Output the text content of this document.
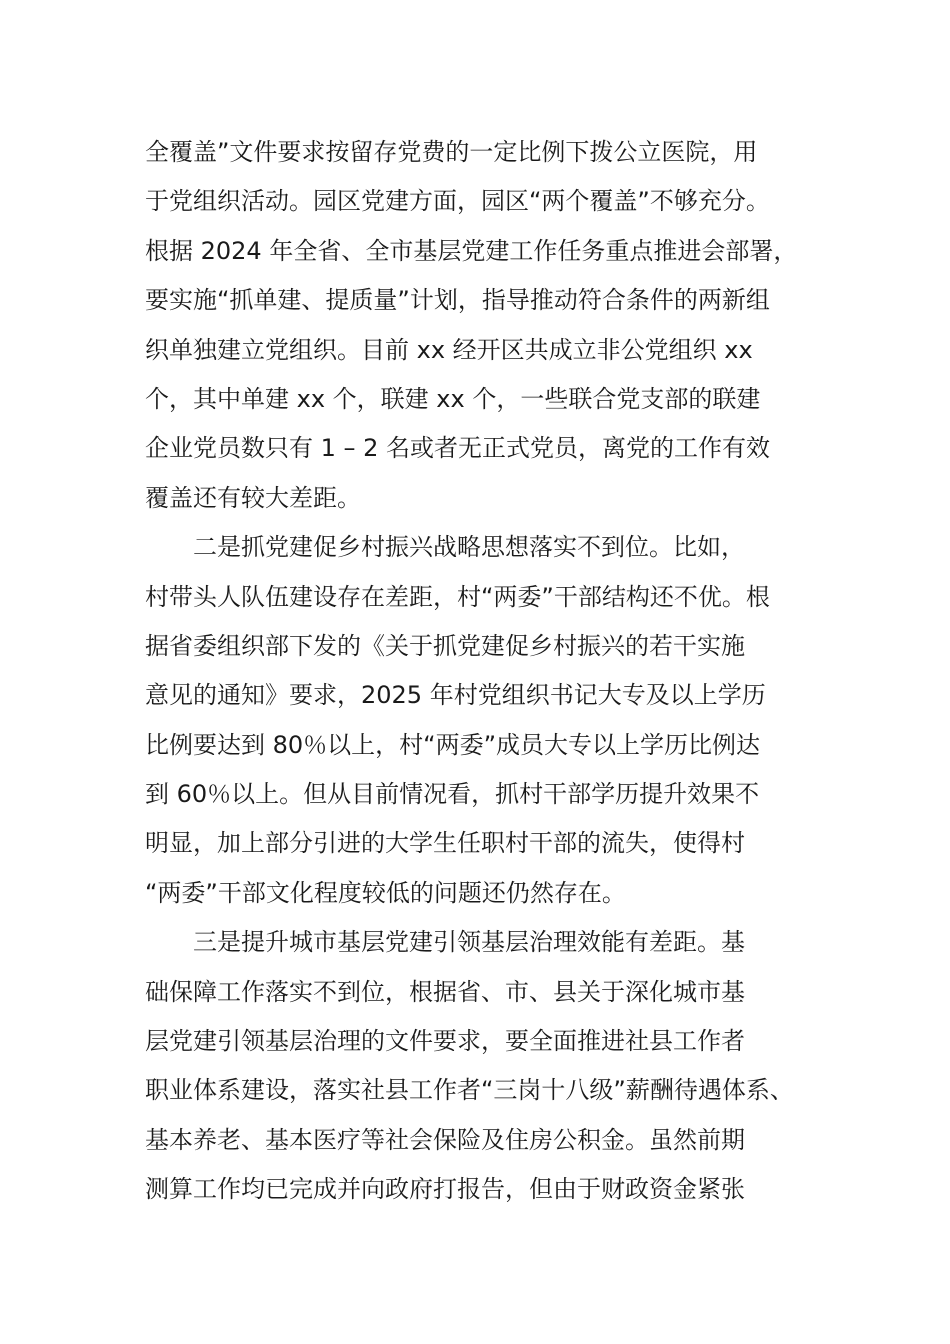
全覆盖”文件要求按留存党费的一定比例下拨公立医院，用
于党组织活动。园区党建方面，园区“两个覆盖”不够充分。
根据 2024 年全省、全市基层党建工作任务重点推进会部署，
要实施“抓单建、提质量”计划，指导推动符合条件的两新组
织单独建立党组织。目前 xx 经开区共成立非公党组织 xx
个，其中单建 xx 个，联建 xx 个，一些联合党支部的联建
企业党员数只有 1 – 2 名或者无正式党员，离党的工作有效
覆盖还有较大差距。
二是抓党建促乡村振兴战略思想落实不到位。比如，
村带头人队伍建设存在差距，村“两委”干部结构还不优。根
据省委组织部下发的《关于抓党建促乡村振兴的若干实施
意见的通知》要求，2025 年村党组织书记大专及以上学历
比例要达到 80％以上，村“两委”成员大专以上学历比例达
到 60％以上。但从目前情况看，抓村干部学历提升效果不
明显，加上部分引进的大学生任职村干部的流失，使得村
“两委”干部文化程度较低的问题还仍然存在。
三是提升城市基层党建引领基层治理效能有差距。基
础保障工作落实不到位，根据省、市、县关于深化城市基
层党建引领基层治理的文件要求，要全面推进社县工作者
职业体系建设，落实社县工作者“三岗十八级”薪酬待遇体系、
基本养老、基本医疗等社会保险及住房公积金。虽然前期
测算工作均已完成并向政府打报告，但由于财政资金紧张
